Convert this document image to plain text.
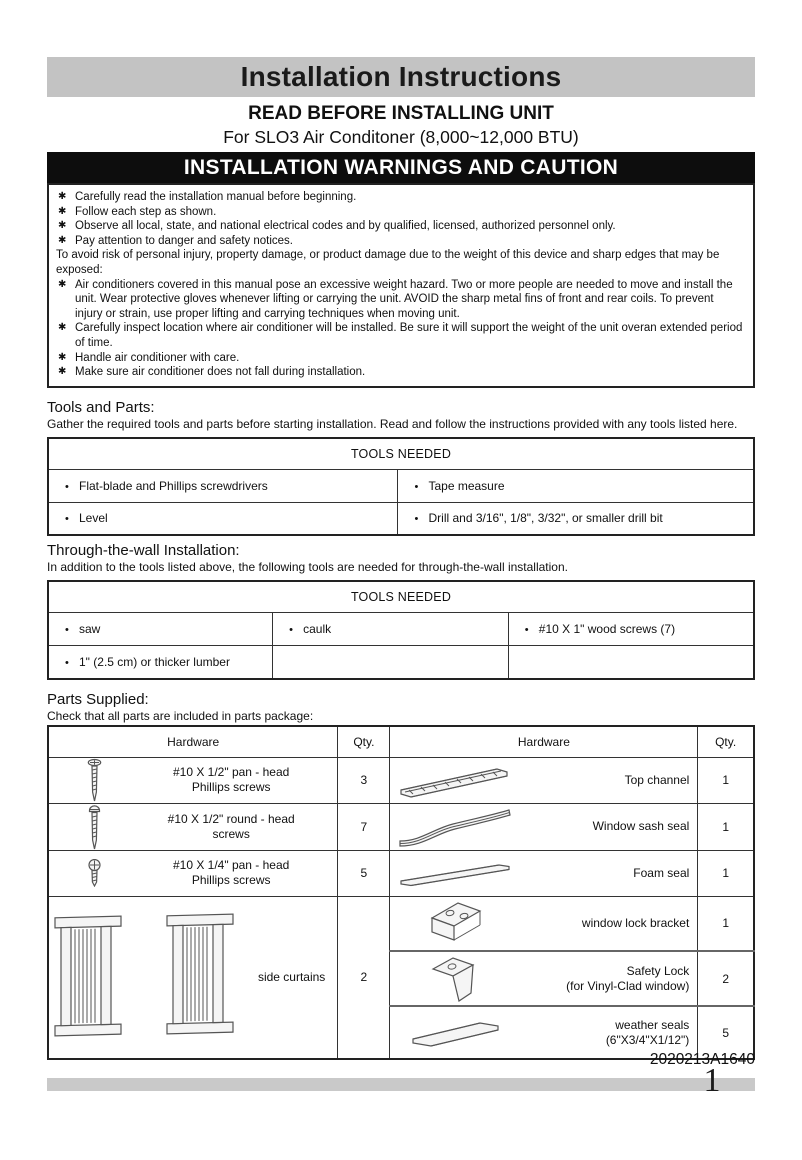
Installation Instructions
READ BEFORE INSTALLING UNIT
For SLO3 Air Conditoner (8,000~12,000 BTU)
INSTALLATION WARNINGS AND CAUTION
✱ Carefully read the installation manual before beginning.
✱ Follow each step as shown.
✱ Observe all local, state, and national electrical codes and by qualified, licensed, authorized personnel only.
✱ Pay attention to danger and safety notices.

To avoid risk of personal injury, property damage, or product damage due to the weight of this device and sharp edges that may be exposed:

✱ Air conditioners covered in this manual pose an excessive weight hazard. Two or more people are needed to move and install the unit. Wear protective gloves whenever lifting or carrying the unit. AVOID the sharp metal fins of front and rear coils. To prevent injury or strain, use proper lifting and carrying techniques when moving unit.
✱ Carefully inspect location where air conditioner will be installed. Be sure it will support the weight of the unit overan extended period of time.
✱ Handle air conditioner with care.
✱ Make sure air conditioner does not fall during installation.
Tools and Parts:

Gather the required tools and parts before starting installation. Read and follow the instructions provided with any tools listed here.

TOOLS NEEDED	
• Flat-blade and Phillips screwdrivers	• Tape measure
• Level	• Drill and 3/16", 1/8", 3/32", or smaller drill bit
Through-the-wall Installation:

In addition to the tools listed above, the following tools are needed for through-the-wall installation.

TOOLS NEEDED		
• saw	• caulk	• #10 X 1" wood screws (7)
• 1" (2.5 cm) or thicker lumber		
Parts Supplied:

Check that all parts are included in parts package:

Hardware	Qty.	Hardware	Qty.

#10 X 1/2" pan - head
Phillips screws	3	Top channel	1

#10 X 1/2" round - head
screws	7	Window sash seal	1

#10 X 1/4" pan - head
Phillips screws	5	Foam seal	1

side curtains	2	window lock bracket	1

		Safety Lock
(for Vinyl-Clad window)	2

		weather seals
(6"X3/4"X1/12")	5
2020213A1640
1
